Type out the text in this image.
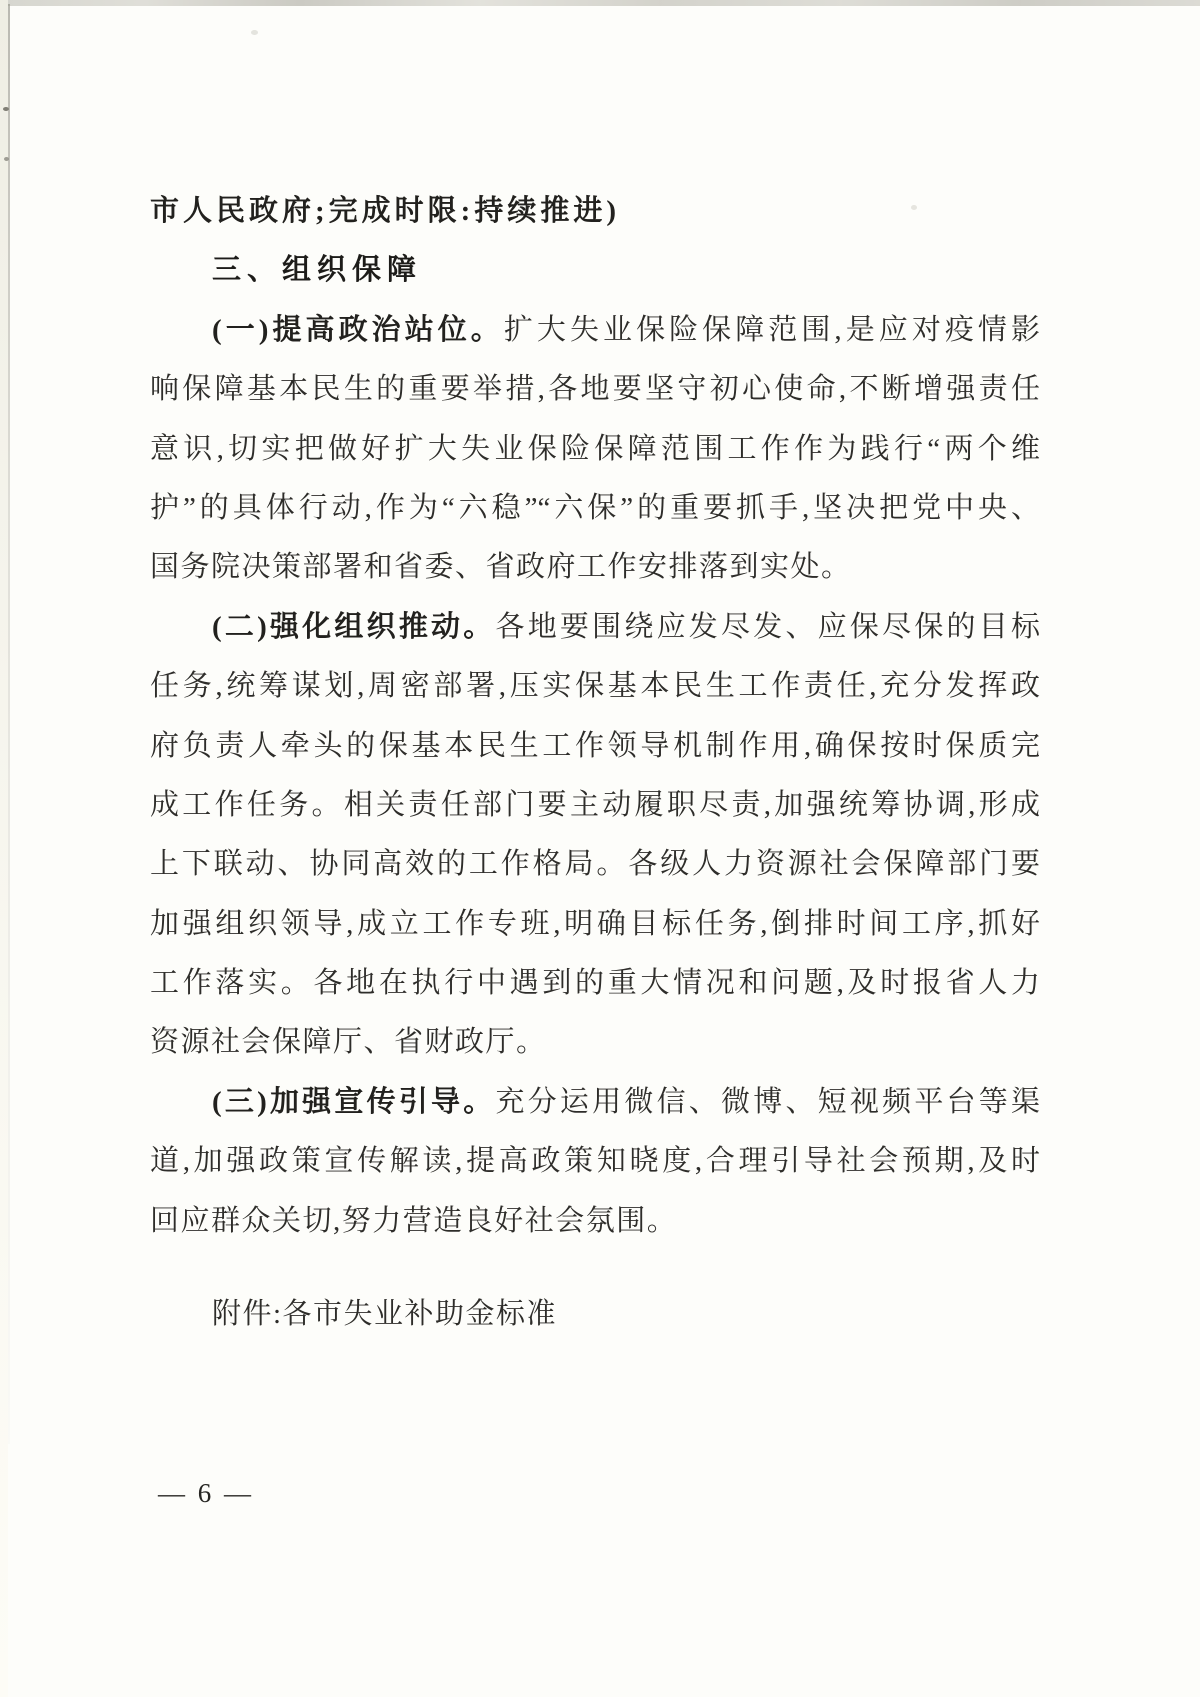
市人民政府;完成时限:持续推进)
三、组织保障
(一)提高政治站位。扩大失业保险保障范围,是应对疫情影
响保障基本民生的重要举措,各地要坚守初心使命,不断增强责任
意识,切实把做好扩大失业保险保障范围工作作为践行“两个维
护”的具体行动,作为“六稳”“六保”的重要抓手,坚决把党中央、
国务院决策部署和省委、省政府工作安排落到实处。
(二)强化组织推动。各地要围绕应发尽发、应保尽保的目标
任务,统筹谋划,周密部署,压实保基本民生工作责任,充分发挥政
府负责人牵头的保基本民生工作领导机制作用,确保按时保质完
成工作任务。相关责任部门要主动履职尽责,加强统筹协调,形成
上下联动、协同高效的工作格局。各级人力资源社会保障部门要
加强组织领导,成立工作专班,明确目标任务,倒排时间工序,抓好
工作落实。各地在执行中遇到的重大情况和问题,及时报省人力
资源社会保障厅、省财政厅。
(三)加强宣传引导。充分运用微信、微博、短视频平台等渠
道,加强政策宣传解读,提高政策知晓度,合理引导社会预期,及时
回应群众关切,努力营造良好社会氛围。
附件:各市失业补助金标准
— 6 —
